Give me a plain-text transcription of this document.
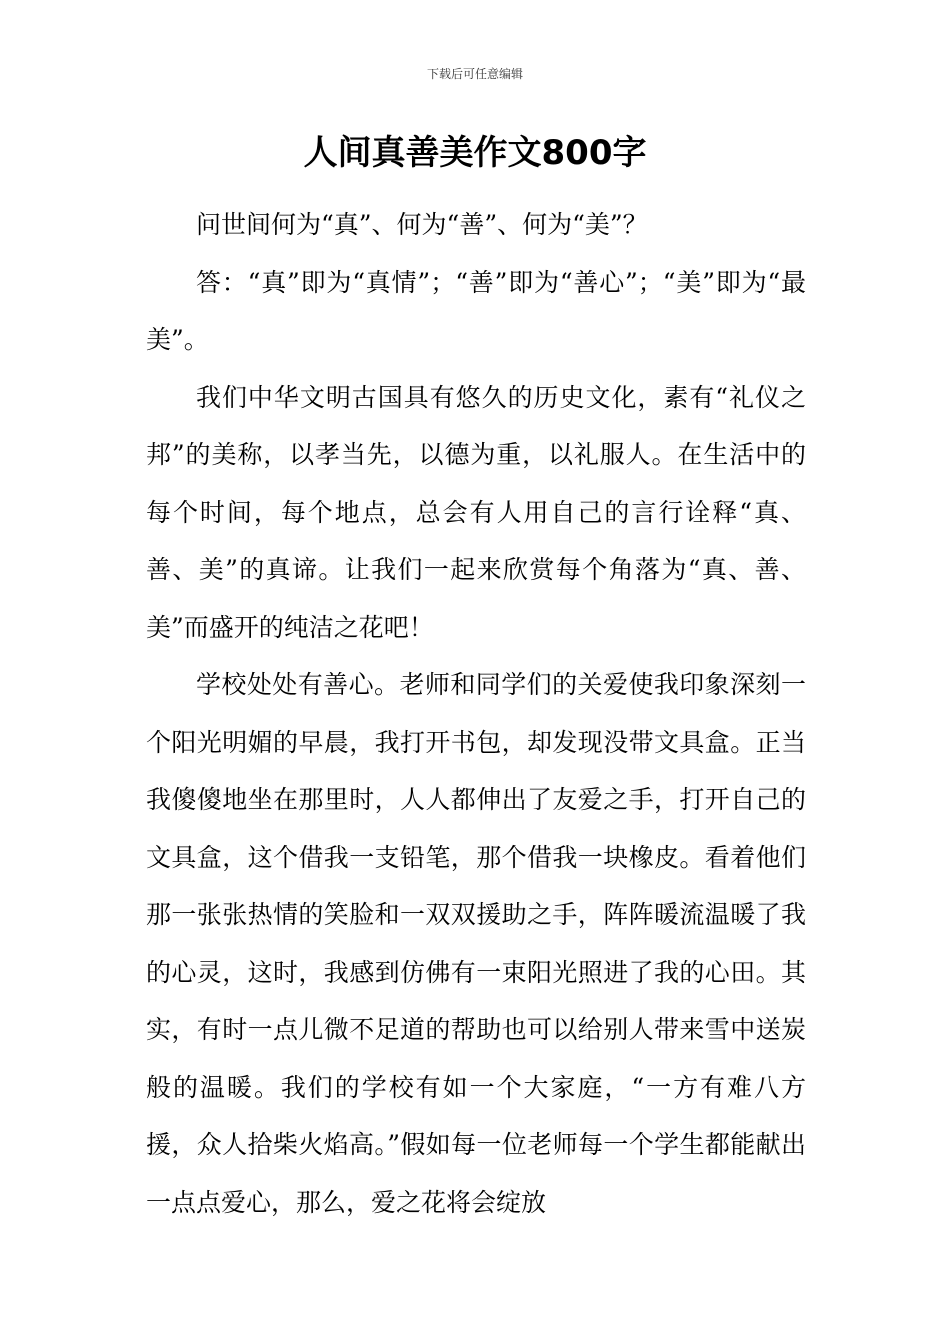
下载后可任意编辑
人间真善美作文800字

问世间何为“真”、何为“善”、何为“美”？

答：“真”即为“真情”；“善”即为“善心”；“美”即为“最美”。

我们中华文明古国具有悠久的历史文化，素有“礼仪之邦”的美称，以孝当先，以德为重，以礼服人。在生活中的每个时间，每个地点，总会有人用自己的言行诠释“真、善、美”的真谛。让我们一起来欣赏每个角落为“真、善、美”而盛开的纯洁之花吧！

学校处处有善心。老师和同学们的关爱使我印象深刻一个阳光明媚的早晨，我打开书包，却发现没带文具盒。正当我傻傻地坐在那里时，人人都伸出了友爱之手，打开自己的文具盒，这个借我一支铅笔，那个借我一块橡皮。看着他们那一张张热情的笑脸和一双双援助之手，阵阵暖流温暖了我的心灵，这时，我感到仿佛有一束阳光照进了我的心田。其实，有时一点儿微不足道的帮助也可以给别人带来雪中送炭般的温暖。我们的学校有如一个大家庭，“一方有难八方援，众人拾柴火焰高。”假如每一位老师每一个学生都能献出一点点爱心，那么，爱之花将会绽放
